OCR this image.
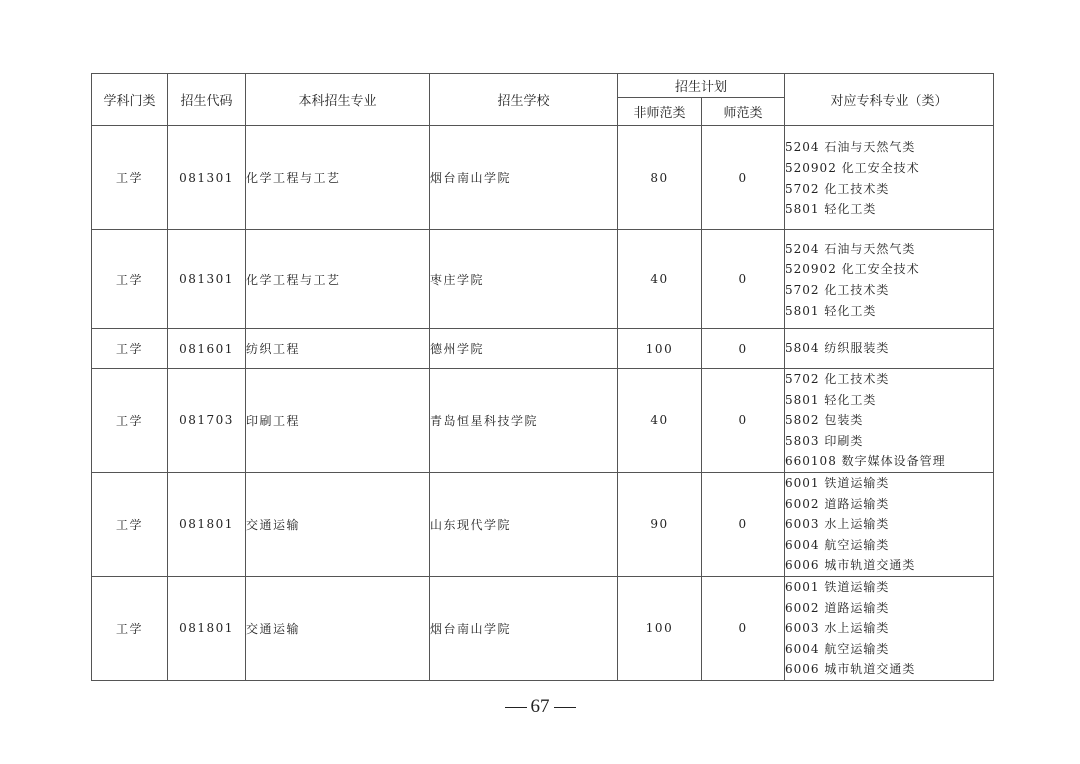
学科门类	招生代码	本科招生专业	招生学校	招生计划		对应专科专业（类）
				非师范类	师范类	
工学	081301	化学工程与工艺	烟台南山学院	80	0	5204 石油与天然气类
520902 化工安全技术
5702 化工技术类
5801 轻化工类

工学	081301	化学工程与工艺	枣庄学院	40	0	5204 石油与天然气类
520902 化工安全技术
5702 化工技术类
5801 轻化工类

工学	081601	纺织工程	德州学院	100	0	5804 纺织服装类

工学	081703	印刷工程	青岛恒星科技学院	40	0	5702 化工技术类
5801 轻化工类
5802 包装类
5803 印刷类
660108 数字媒体设备管理

工学	081801	交通运输	山东现代学院	90	0	6001 铁道运输类
6002 道路运输类
6003 水上运输类
6004 航空运输类
6006 城市轨道交通类

工学	081801	交通运输	烟台南山学院	100	0	6001 铁道运输类
6002 道路运输类
6003 水上运输类
6004 航空运输类
6006 城市轨道交通类
67
